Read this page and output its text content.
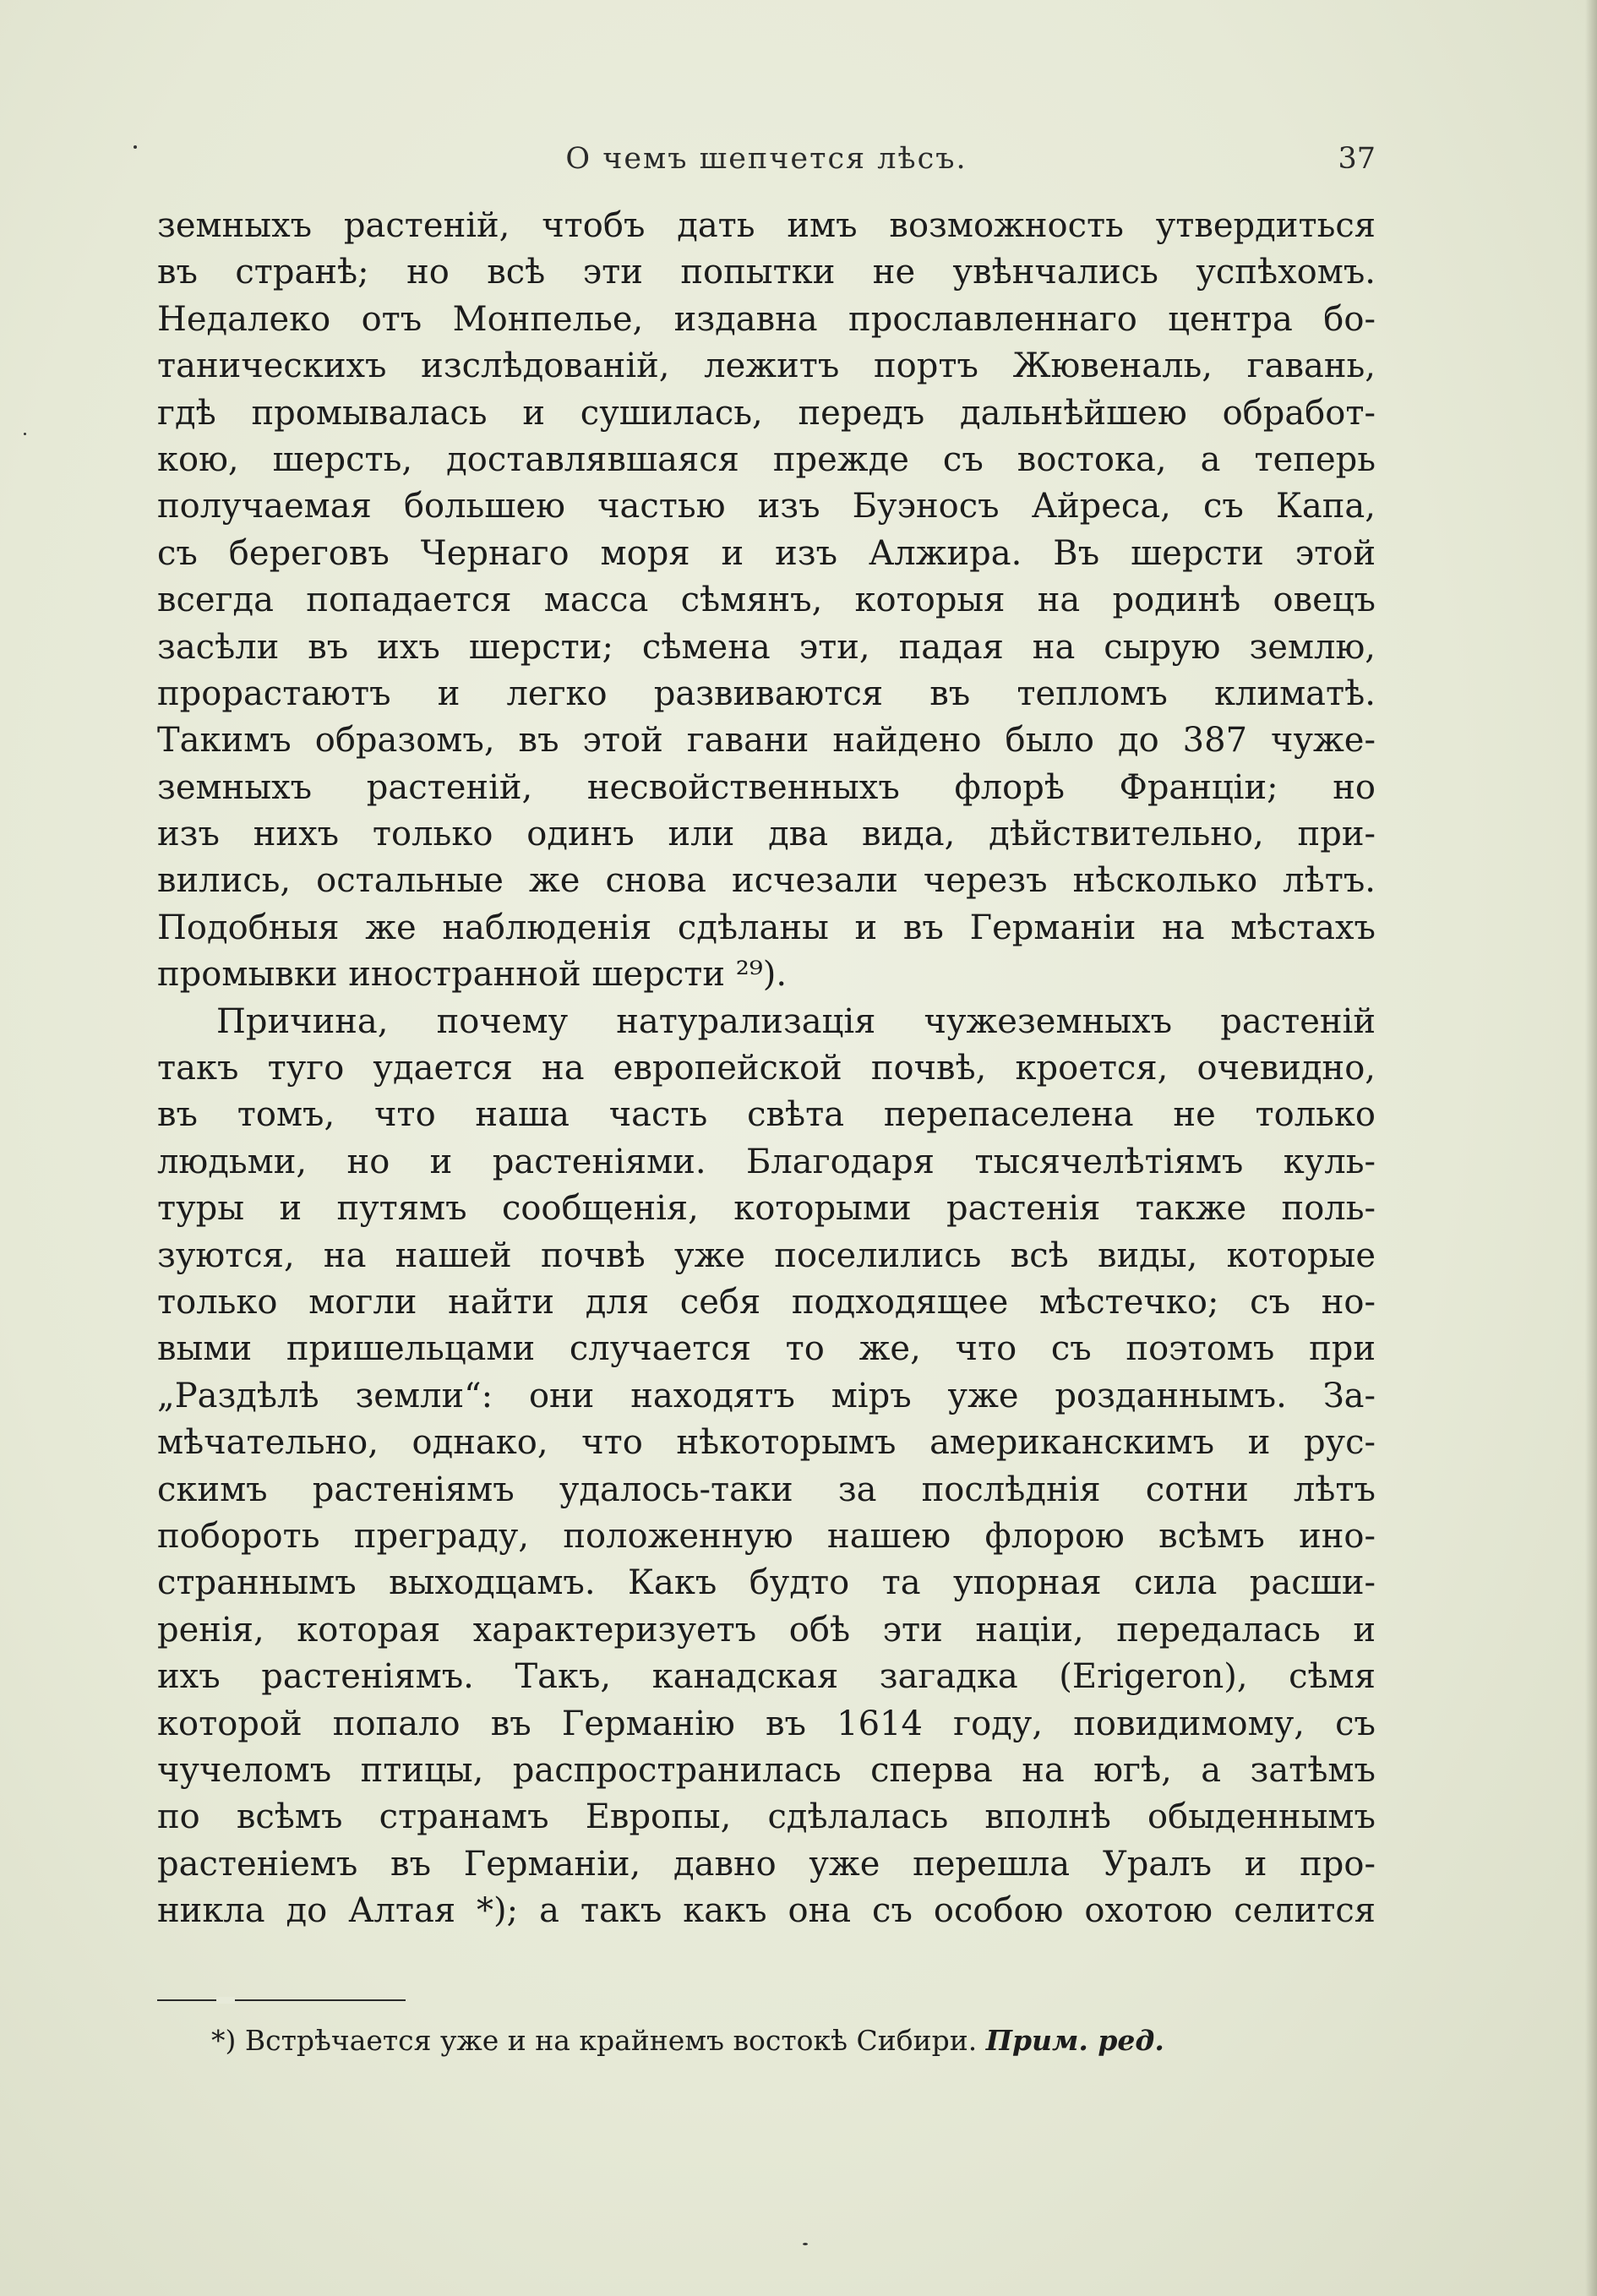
О чемъ шепчется лѣсъ.	37
земныхъ растеній, чтобъ дать имъ возможность утвердиться
въ странѣ; но всѣ эти попытки не увѣнчались успѣхомъ.
Недалеко отъ Монпелье, издавна прославленнаго центра бо-
таническихъ изслѣдованій, лежитъ портъ Жювеналь, гавань,
гдѣ промывалась и сушилась, передъ дальнѣйшею обработ-
кою, шерсть, доставлявшаяся прежде съ востока, а теперь
получаемая большею частью изъ Буэносъ Айреса, съ Капа,
съ береговъ Чернаго моря и изъ Алжира. Въ шерсти этой
всегда попадается масса сѣмянъ, которыя на родинѣ овецъ
засѣли въ ихъ шерсти; сѣмена эти, падая на сырую землю,
прорастаютъ и легко развиваются въ тепломъ климатѣ.
Такимъ образомъ, въ этой гавани найдено было до 387 чуже-
земныхъ растеній, несвойственныхъ флорѣ Франціи; но
изъ нихъ только одинъ или два вида, дѣйствительно, при-
вились, остальные же снова исчезали черезъ нѣсколько лѣтъ.
Подобныя же наблюденія сдѣланы и въ Германіи на мѣстахъ
промывки иностранной шерсти ²⁹).
Причина, почему натурализація чужеземныхъ растеній
такъ туго удается на европейской почвѣ, кроется, очевидно,
въ томъ, что наша часть свѣта перепаселена не только
людьми, но и растеніями. Благодаря тысячелѣтіямъ куль-
туры и путямъ сообщенія, которыми растенія также поль-
зуются, на нашей почвѣ уже поселились всѣ виды, которые
только могли найти для себя подходящее мѣстечко; съ но-
выми пришельцами случается то же, что съ поэтомъ при
„Раздѣлѣ земли“: они находятъ міръ уже розданнымъ. За-
мѣчательно, однако, что нѣкоторымъ американскимъ и рус-
скимъ растеніямъ удалось-таки за послѣднія сотни лѣтъ
побороть преграду, положенную нашею флорою всѣмъ ино-
страннымъ выходцамъ. Какъ будто та упорная сила расши-
ренія, которая характеризуетъ обѣ эти націи, передалась и
ихъ растеніямъ. Такъ, канадская загадка (Erigeron), сѣмя
которой попало въ Германію въ 1614 году, повидимому, съ
чучеломъ птицы, распространилась сперва на югѣ, а затѣмъ
по всѣмъ странамъ Европы, сдѣлалась вполнѣ обыденнымъ
растеніемъ въ Германіи, давно уже перешла Уралъ и про-
никла до Алтая *); а такъ какъ она съ особою охотою селится
*) Встрѣчается уже и на крайнемъ востокѣ Сибири. Прим. ред.
